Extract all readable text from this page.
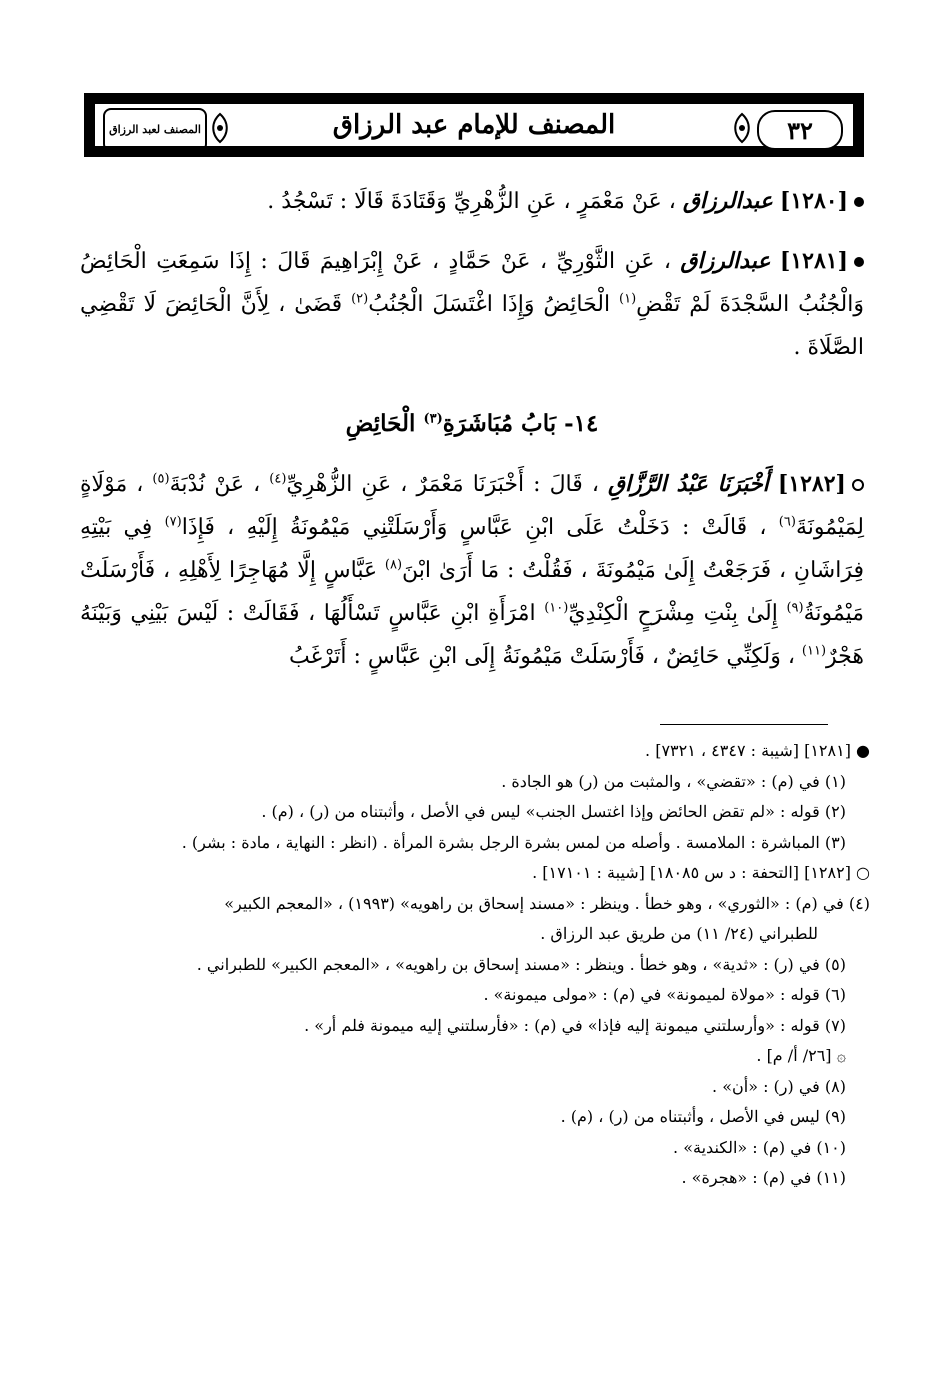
٣٢
المصنف للإمام عبد الرزاق
المصنف لعبد الرزاق
[١٢٨٠] عبدالرزاق ، عَنْ مَعْمَرٍ ، عَنِ الزُّهْرِيِّ وَقَتَادَةَ قَالَا : تَسْجُدُ .
[١٢٨١] عبدالرزاق ، عَنِ الثَّوْرِيِّ ، عَنْ حَمَّادٍ ، عَنْ إِبْرَاهِيمَ قَالَ : إِذَا سَمِعَتِ الْحَائِضُ وَالْجُنُبُ السَّجْدَةَ لَمْ تَقْضِ$^{(١)}$ الْحَائِضُ وَإِذَا اغْتَسَلَ الْجُنُبُ$^{(٢)}$ قَضَىٰ ، لِأَنَّ الْحَائِضَ لَا تَقْضِي الصَّلَاةَ .
١٤- بَابُ مُبَاشَرَةِ$^{(٣)}$ الْحَائِضِ
[١٢٨٢] أَخْبَرَنَا عَبْدُ الرَّزَّاقِ ، قَالَ : أَخْبَرَنَا مَعْمَرٌ ، عَنِ الزُّهْرِيِّ$^{(٤)}$ ، عَنْ نُدْبَةَ$^{(٥)}$ ، مَوْلَاةٍ لِمَيْمُونَةَ$^{(٦)}$ ، قَالَتْ : دَخَلْتُ عَلَى ابْنِ عَبَّاسٍ وَأَرْسَلَتْنِي مَيْمُونَةُ إِلَيْهِ ، فَإِذَا$^{(٧)}$ فِي بَيْتِهِ فِرَاشَانِ ، فَرَجَعْتُ إِلَىٰ مَيْمُونَةَ ، فَقُلْتُ : مَا أَرَىٰ ابْنَ$^{(٨)}$ عَبَّاسٍ إِلَّا مُهَاجِرًا لِأَهْلِهِ ، فَأَرْسَلَتْ مَيْمُونَةُ$^{(٩)}$ إِلَىٰ بِنْتِ مِشْرَحٍ الْكِنْدِيِّ$^{(١٠)}$ امْرَأَةِ ابْنِ عَبَّاسٍ تَسْأَلُهَا ، فَقَالَتْ : لَيْسَ بَيْنِي وَبَيْنَهُ هَجْرٌ$^{(١١)}$ ، وَلَكِنِّي حَائِضٌ ، فَأَرْسَلَتْ مَيْمُونَةُ إِلَى ابْنِ عَبَّاسٍ : أَتَرْغَبُ
● [١٢٨١] [شيبة : ٤٣٤٧ ، ٧٣٢١] .
(١) في (م) : «تقضي» ، والمثبت من (ر) هو الجادة .
(٢) قوله : «لم تقض الحائض وإذا اغتسل الجنب» ليس في الأصل ، وأثبتناه من (ر) ، (م) .
(٣) المباشرة : الملامسة . وأصله من لمس بشرة الرجل بشرة المرأة . (انظر : النهاية ، مادة : بشر) .
○ [١٢٨٢] [التحفة : د س ١٨٠٨٥] [شيبة : ١٧١٠١] .
(٤) في (م) : «الثوري» ، وهو خطأ . وينظر : «مسند إسحاق بن راهويه» (١٩٩٣) ، «المعجم الكبير»
للطبراني (٢٤/ ١١) من طريق عبد الرزاق .
(٥) في (ر) : «ثدية» ، وهو خطأ . وينظر : «مسند إسحاق بن راهويه» ، «المعجم الكبير» للطبراني .
(٦) قوله : «مولاة لميمونة» في (م) : «مولى ميمونة» .
(٧) قوله : «وأرسلتني ميمونة إليه فإذا» في (م) : «فأرسلتني إليه ميمونة فلم أر» .
۞ [٢٦/ أ/ م] .
(٨) في (ر) : «أن» .
(٩) ليس في الأصل ، وأثبتناه من (ر) ، (م) .
(١٠) في (م) : «الكندية» .
(١١) في (م) : «هجرة» .
